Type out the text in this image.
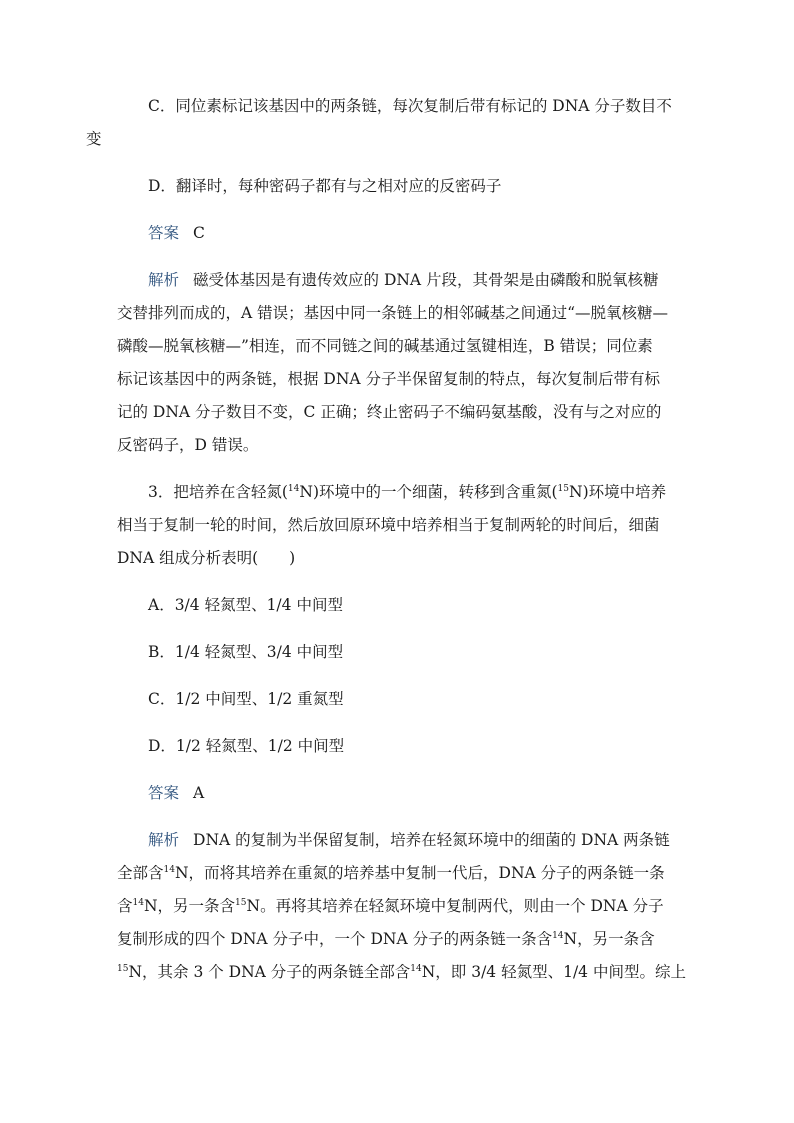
C．同位素标记该基因中的两条链，每次复制后带有标记的 DNA 分子数目不
变

D．翻译时，每种密码子都有与之相对应的反密码子

答案 C

解析 磁受体基因是有遗传效应的 DNA 片段，其骨架是由磷酸和脱氧核糖
交替排列而成的，A 错误；基因中同一条链上的相邻碱基之间通过“—脱氧核糖—
磷酸—脱氧核糖—”相连，而不同链之间的碱基通过氢键相连，B 错误；同位素
标记该基因中的两条链，根据 DNA 分子半保留复制的特点，每次复制后带有标
记的 DNA 分子数目不变，C 正确；终止密码子不编码氨基酸，没有与之对应的
反密码子，D 错误。

3．把培养在含轻氮($^{14}$N)环境中的一个细菌，转移到含重氮($^{15}$N)环境中培养
相当于复制一轮的时间，然后放回原环境中培养相当于复制两轮的时间后，细菌
DNA 组成分析表明(　　)

A．3/4 轻氮型、1/4 中间型

B．1/4 轻氮型、3/4 中间型

C．1/2 中间型、1/2 重氮型

D．1/2 轻氮型、1/2 中间型

答案 A

解析 DNA 的复制为半保留复制，培养在轻氮环境中的细菌的 DNA 两条链
全部含$^{14}$N，而将其培养在重氮的培养基中复制一代后，DNA 分子的两条链一条
含$^{14}$N，另一条含$^{15}$N。再将其培养在轻氮环境中复制两代，则由一个 DNA 分子
复制形成的四个 DNA 分子中，一个 DNA 分子的两条链一条含$^{14}$N，另一条含
$^{15}$N，其余 3 个 DNA 分子的两条链全部含$^{14}$N，即 3/4 轻氮型、1/4 中间型。综上
